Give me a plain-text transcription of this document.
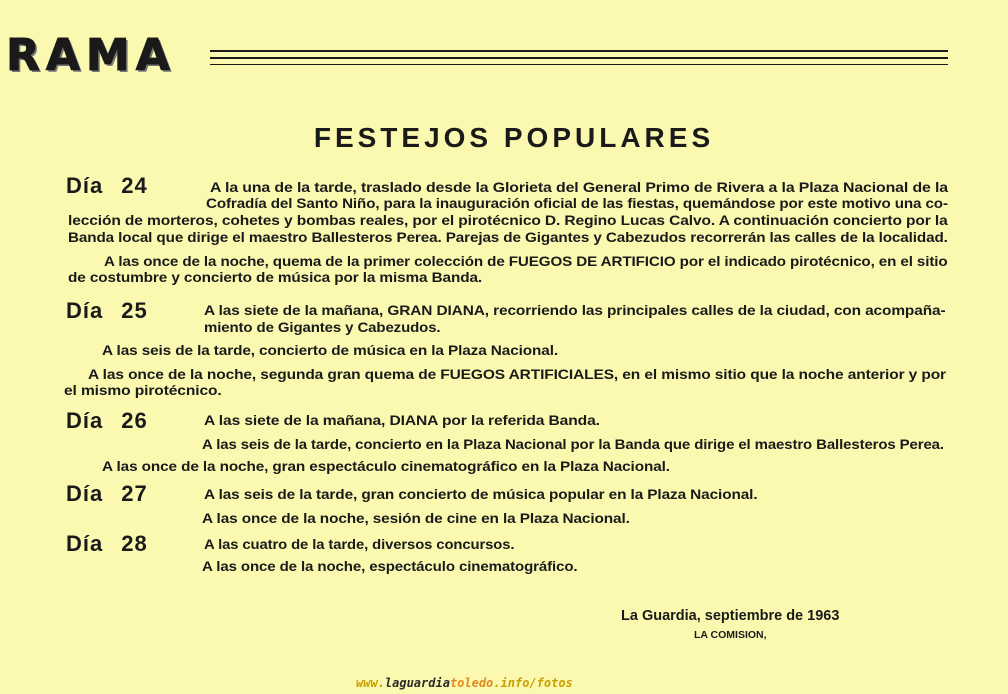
RAMA
FESTEJOS POPULARES
Día 24
Día 25
Día 26
Día 27
Día 28
A la una de la tarde, traslado desde la Glorieta del General Primo de Rivera a la Plaza Nacional de la
Cofradía del Santo Niño, para la inauguración oficial de las fiestas, quemándose por este motivo una co-
lección de morteros, cohetes y bombas reales, por el pirotécnico D. Regino Lucas Calvo. A continuación concierto por la
Banda local que dirige el maestro Ballesteros Perea. Parejas de Gigantes y Cabezudos recorrerán las calles de la localidad.
A las once de la noche, quema de la primer colección de FUEGOS DE ARTIFICIO por el indicado pirotécnico, en el sitio
de costumbre y concierto de música por la misma Banda.
A las siete de la mañana, GRAN DIANA, recorriendo las principales calles de la ciudad, con acompaña-
miento de Gigantes y Cabezudos.
A las seis de la tarde, concierto de música en la Plaza Nacional.
A las once de la noche, segunda gran quema de FUEGOS ARTIFICIALES, en el mismo sitio que la noche anterior y por
el mismo pirotécnico.
A las siete de la mañana, DIANA por la referida Banda.
A las seis de la tarde, concierto en la Plaza Nacional por la Banda que dirige el maestro Ballesteros Perea.
A las once de la noche, gran espectáculo cinematográfico en la Plaza Nacional.
A las seis de la tarde, gran concierto de música popular en la Plaza Nacional.
A las once de la noche, sesión de cine en la Plaza Nacional.
A las cuatro de la tarde, diversos concursos.
A las once de la noche, espectáculo cinematográfico.
La Guardia, septiembre de 1963
LA COMISION,
www.laguardiatoledo.info/fotos
